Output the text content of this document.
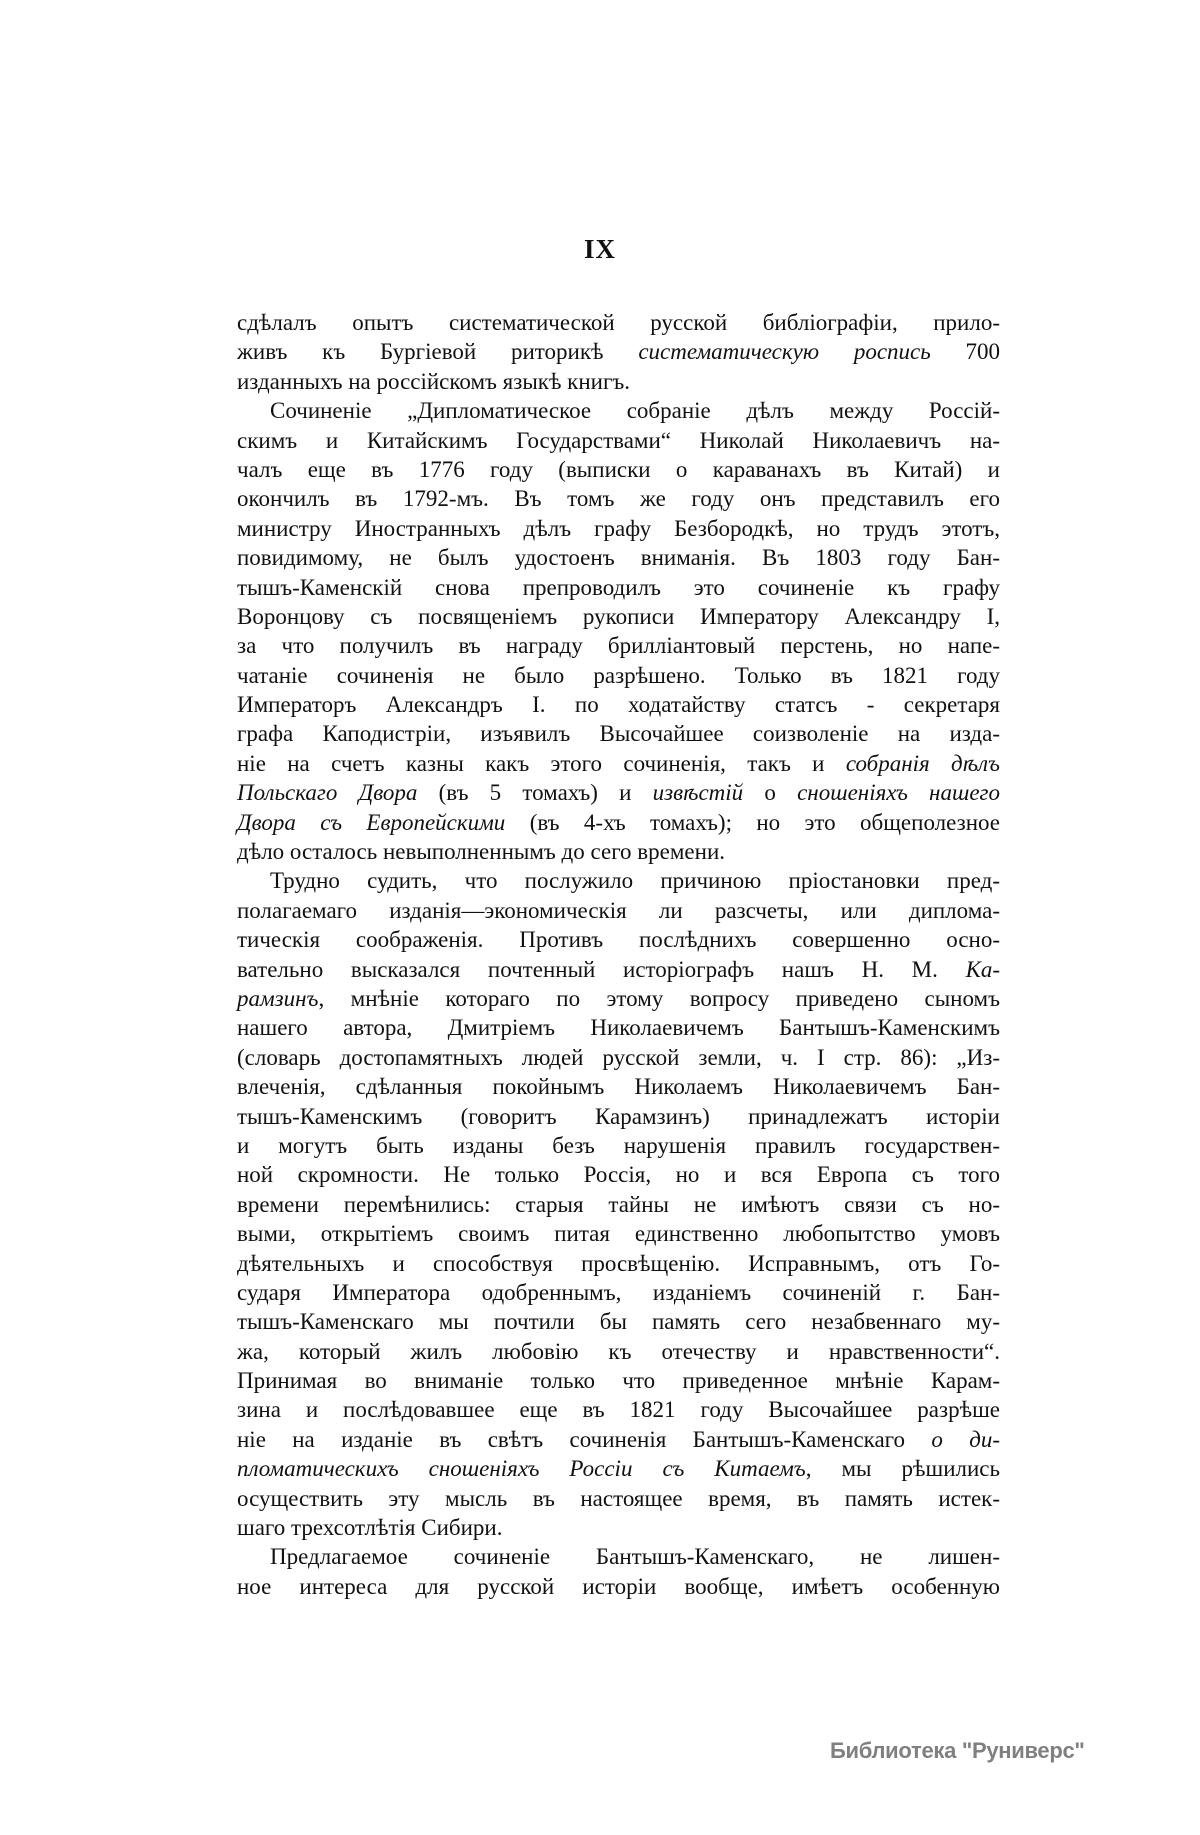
IX
сдѣлалъ опытъ систематической русской библіографіи, прило-
живъ къ Бургіевой риторикѣ систематическую роспись 700
изданныхъ на россійскомъ языкѣ книгъ.
Сочиненіе „Дипломатическое собраніе дѣлъ между Россій-
скимъ и Китайскимъ Государствами“ Николай Николаевичъ на-
чалъ еще въ 1776 году (выписки о караванахъ въ Китай) и
окончилъ въ 1792-мъ. Въ томъ же году онъ представилъ его
министру Иностранныхъ дѣлъ графу Безбородкѣ, но трудъ этотъ,
повидимому, не былъ удостоенъ вниманія. Въ 1803 году Бан-
тышъ-Каменскій снова препроводилъ это сочиненіе къ графу
Воронцову съ посвященіемъ рукописи Императору Александру I,
за что получилъ въ награду брилліантовый перстень, но напе-
чатаніе сочиненія не было разрѣшено. Только въ 1821 году
Императоръ Александръ I. по ходатайству статсъ - секретаря
графа Каподистріи, изъявилъ Высочайшее соизволеніе на изда-
ніе на счетъ казны какъ этого сочиненія, такъ и собранія дѣлъ
Польскаго Двора (въ 5 томахъ) и извѣстій о сношеніяхъ нашего
Двора съ Европейскими (въ 4-хъ томахъ); но это общеполезное
дѣло осталось невыполненнымъ до сего времени.
Трудно судить, что послужило причиною пріостановки пред-
полагаемаго изданія—экономическія ли разсчеты, или диплома-
тическія соображенія. Противъ послѣднихъ совершенно осно-
вательно высказался почтенный исторіографъ нашъ Н. М. Ка-
рамзинъ, мнѣніе котораго по этому вопросу приведено сыномъ
нашего автора, Дмитріемъ Николаевичемъ Бантышъ-Каменскимъ
(словарь достопамятныхъ людей русской земли, ч. I стр. 86): „Из-
влеченія, сдѣланныя покойнымъ Николаемъ Николаевичемъ Бан-
тышъ-Каменскимъ (говоритъ Карамзинъ) принадлежатъ исторіи
и могутъ быть изданы безъ нарушенія правилъ государствен-
ной скромности. Не только Россія, но и вся Европа съ того
времени перемѣнились: старыя тайны не имѣютъ связи съ но-
выми, открытіемъ своимъ питая единственно любопытство умовъ
дѣятельныхъ и способствуя просвѣщенію. Исправнымъ, отъ Го-
сударя Императора одобреннымъ, изданіемъ сочиненій г. Бан-
тышъ-Каменскаго мы почтили бы память сего незабвеннаго му-
жа, который жилъ любовію къ отечеству и нравственности“.
Принимая во вниманіе только что приведенное мнѣніе Карам-
зина и послѣдовавшее еще въ 1821 году Высочайшее разрѣше
ніе на изданіе въ свѣтъ сочиненія Бантышъ-Каменскаго о ди-
пломатическихъ сношеніяхъ Россіи съ Китаемъ, мы рѣшились
осуществить эту мысль въ настоящее время, въ память истек-
шаго трехсотлѣтія Сибири.
Предлагаемое сочиненіе Бантышъ-Каменскаго, не лишен-
ное интереса для русской исторіи вообще, имѣетъ особенную
Библиотека "Руниверс"
